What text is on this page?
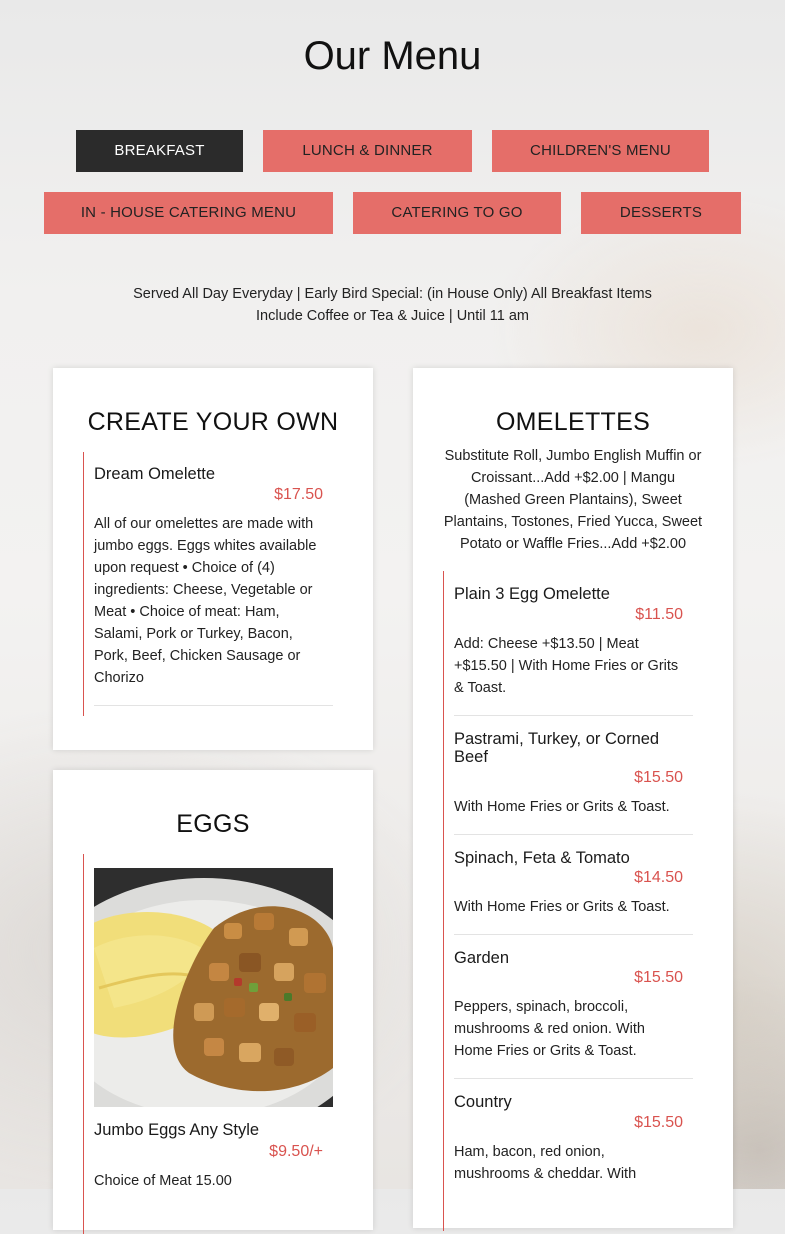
Our Menu
BREAKFAST	LUNCH & DINNER	CHILDREN'S MENU
IN - HOUSE CATERING MENU	CATERING TO GO	DESSERTS

Served All Day Everyday | Early Bird Special: (in House Only) All Breakfast Items Include Coffee or Tea & Juice | Until 11 am

CREATE YOUR OWN
Dream Omelette
$17.50

All of our omelettes are made with jumbo eggs. Eggs whites available upon request • Choice of (4) ingredients: Cheese, Vegetable or Meat • Choice of meat: Ham, Salami, Pork or Turkey, Bacon, Pork, Beef, Chicken Sausage or Chorizo

EGGS
Jumbo Eggs Any Style
$9.50/+

Choice of Meat 15.00

OMELETTES

Substitute Roll, Jumbo English Muffin or Croissant...Add +$2.00 | Mangu (Mashed Green Plantains), Sweet Plantains, Tostones, Fried Yucca, Sweet Potato or Waffle Fries...Add +$2.00

Plain 3 Egg Omelette
$11.50

Add: Cheese +$13.50 | Meat +$15.50 | With Home Fries or Grits & Toast.

Pastrami, Turkey, or Corned Beef
$15.50

With Home Fries or Grits & Toast.

Spinach, Feta & Tomato
$14.50

With Home Fries or Grits & Toast.

Garden
$15.50

Peppers, spinach, broccoli, mushrooms & red onion. With Home Fries or Grits & Toast.

Country
$15.50

Ham, bacon, red onion, mushrooms & cheddar. With
